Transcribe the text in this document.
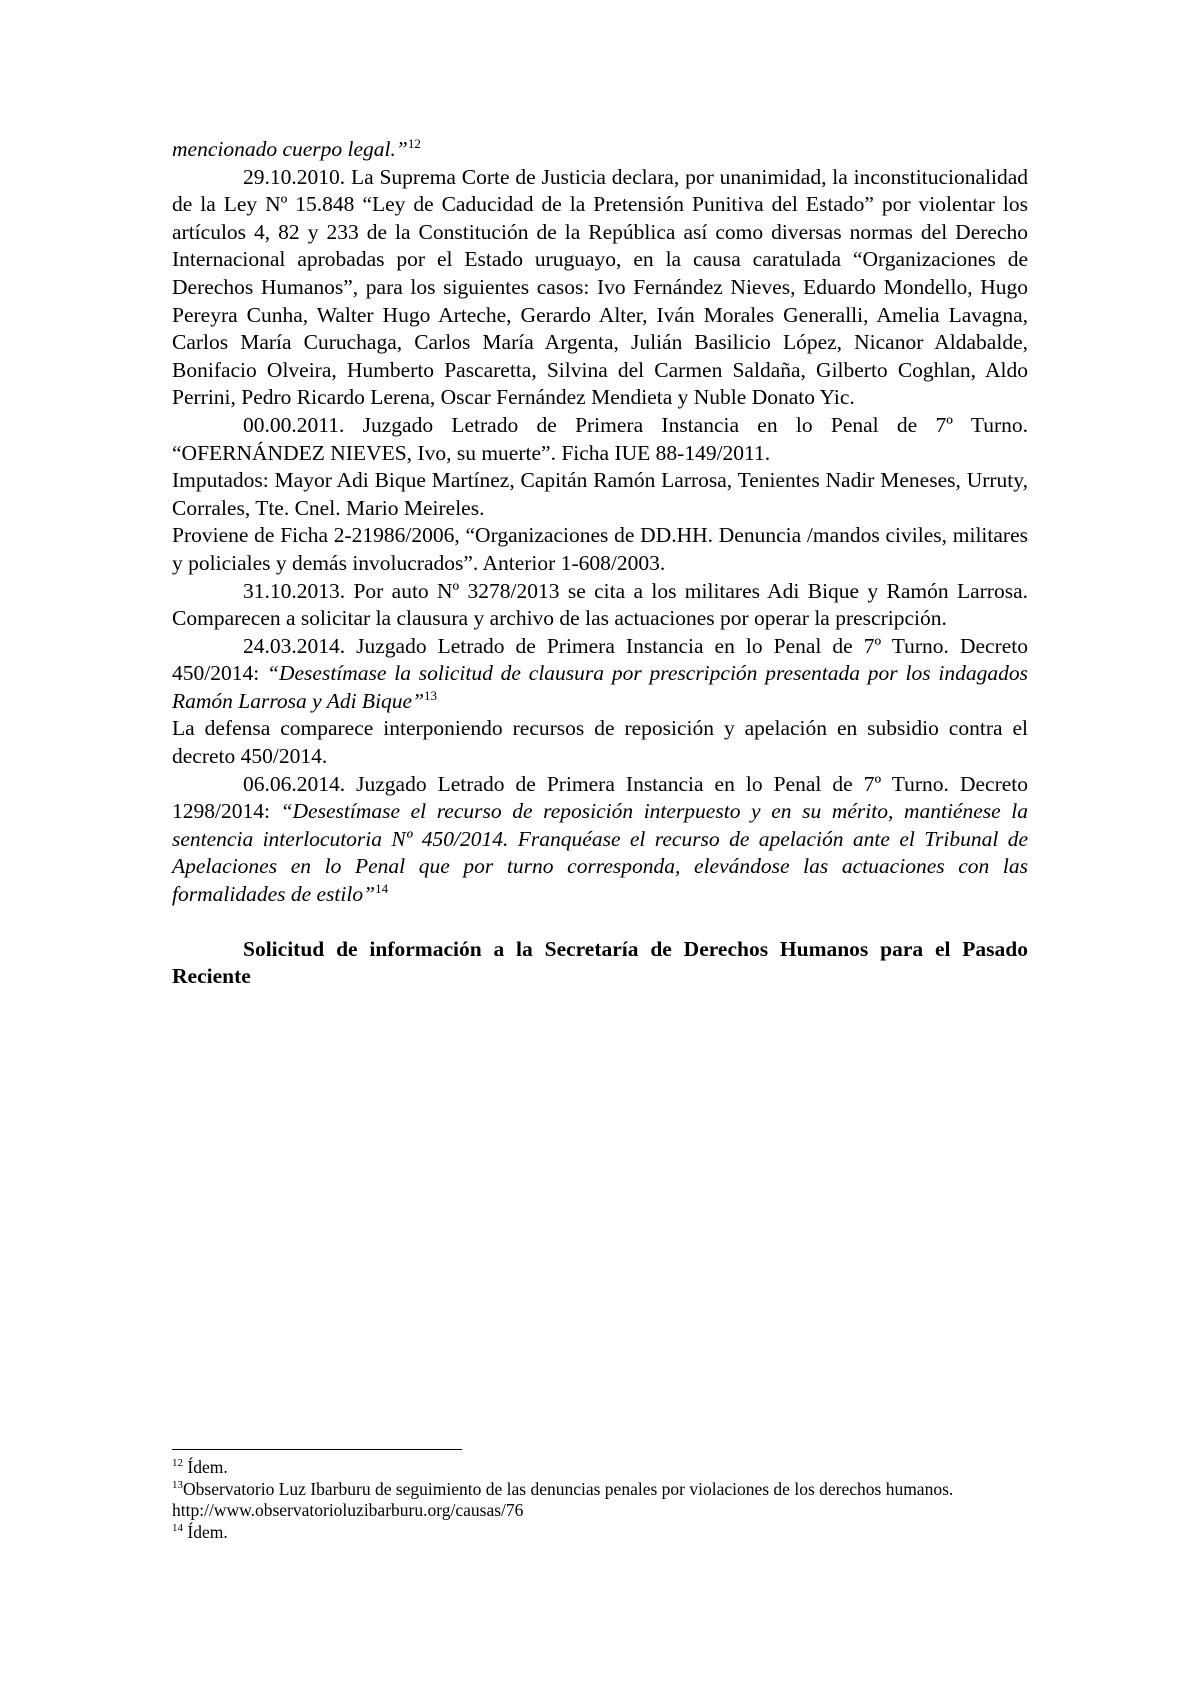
mencionado cuerpo legal.”$^{12}$

29.10.2010. La Suprema Corte de Justicia declara, por unanimidad, la inconstitucionalidad de la Ley Nº 15.848 “Ley de Caducidad de la Pretensión Punitiva del Estado” por violentar los artículos 4, 82 y 233 de la Constitución de la República así como diversas normas del Derecho Internacional aprobadas por el Estado uruguayo, en la causa caratulada “Organizaciones de Derechos Humanos”, para los siguientes casos: Ivo Fernández Nieves, Eduardo Mondello, Hugo Pereyra Cunha, Walter Hugo Arteche, Gerardo Alter, Iván Morales Generalli, Amelia Lavagna, Carlos María Curuchaga, Carlos María Argenta, Julián Basilicio López, Nicanor Aldabalde, Bonifacio Olveira, Humberto Pascaretta, Silvina del Carmen Saldaña, Gilberto Coghlan, Aldo Perrini, Pedro Ricardo Lerena, Oscar Fernández Mendieta y Nuble Donato Yic.

00.00.2011. Juzgado Letrado de Primera Instancia en lo Penal de 7º Turno. “OFERNÁNDEZ NIEVES, Ivo, su muerte”. Ficha IUE 88-149/2011.

Imputados: Mayor Adi Bique Martínez, Capitán Ramón Larrosa, Tenientes Nadir Meneses, Urruty, Corrales, Tte. Cnel. Mario Meireles.

Proviene de Ficha 2-21986/2006, “Organizaciones de DD.HH. Denuncia /mandos civiles, militares y policiales y demás involucrados”. Anterior 1-608/2003.

31.10.2013. Por auto Nº 3278/2013 se cita a los militares Adi Bique y Ramón Larrosa. Comparecen a solicitar la clausura y archivo de las actuaciones por operar la prescripción.

24.03.2014. Juzgado Letrado de Primera Instancia en lo Penal de 7º Turno. Decreto 450/2014: “Desestímase la solicitud de clausura por prescripción presentada por los indagados Ramón Larrosa y Adi Bique”$^{13}$

La defensa comparece interponiendo recursos de reposición y apelación en subsidio contra el decreto 450/2014.

06.06.2014. Juzgado Letrado de Primera Instancia en lo Penal de 7º Turno. Decreto 1298/2014: “Desestímase el recurso de reposición interpuesto y en su mérito, mantiénese la sentencia interlocutoria Nº 450/2014. Franquéase el recurso de apelación ante el Tribunal de Apelaciones en lo Penal que por turno corresponda, elevándose las actuaciones con las formalidades de estilo”$^{14}$

Solicitud de información a la Secretaría de Derechos Humanos para el Pasado Reciente

$^{12}$ Ídem.

$^{13}$Observatorio Luz Ibarburu de seguimiento de las denuncias penales por violaciones de los derechos humanos. http://www.observatorioluzibarburu.org/causas/76

$^{14}$ Ídem.
